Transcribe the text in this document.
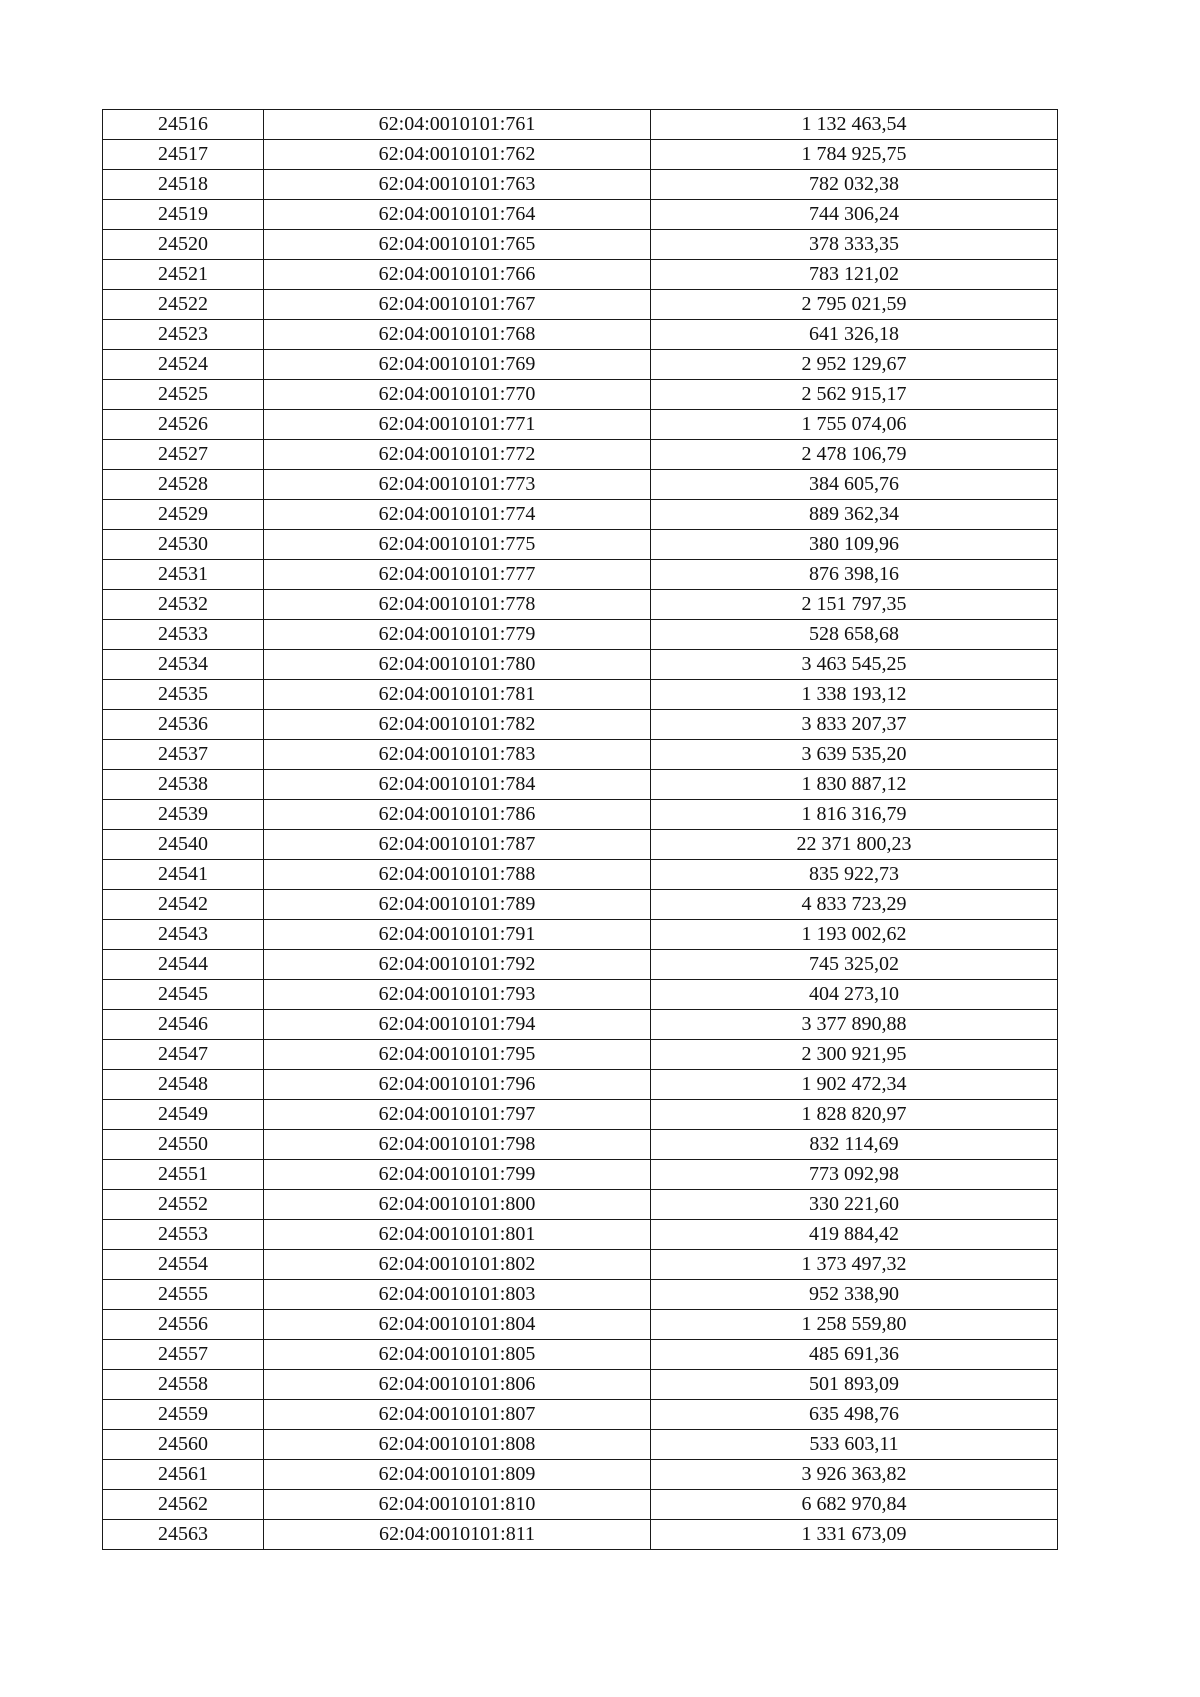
24516	62:04:0010101:761	1 132 463,54
24517	62:04:0010101:762	1 784 925,75
24518	62:04:0010101:763	782 032,38
24519	62:04:0010101:764	744 306,24
24520	62:04:0010101:765	378 333,35
24521	62:04:0010101:766	783 121,02
24522	62:04:0010101:767	2 795 021,59
24523	62:04:0010101:768	641 326,18
24524	62:04:0010101:769	2 952 129,67
24525	62:04:0010101:770	2 562 915,17
24526	62:04:0010101:771	1 755 074,06
24527	62:04:0010101:772	2 478 106,79
24528	62:04:0010101:773	384 605,76
24529	62:04:0010101:774	889 362,34
24530	62:04:0010101:775	380 109,96
24531	62:04:0010101:777	876 398,16
24532	62:04:0010101:778	2 151 797,35
24533	62:04:0010101:779	528 658,68
24534	62:04:0010101:780	3 463 545,25
24535	62:04:0010101:781	1 338 193,12
24536	62:04:0010101:782	3 833 207,37
24537	62:04:0010101:783	3 639 535,20
24538	62:04:0010101:784	1 830 887,12
24539	62:04:0010101:786	1 816 316,79
24540	62:04:0010101:787	22 371 800,23
24541	62:04:0010101:788	835 922,73
24542	62:04:0010101:789	4 833 723,29
24543	62:04:0010101:791	1 193 002,62
24544	62:04:0010101:792	745 325,02
24545	62:04:0010101:793	404 273,10
24546	62:04:0010101:794	3 377 890,88
24547	62:04:0010101:795	2 300 921,95
24548	62:04:0010101:796	1 902 472,34
24549	62:04:0010101:797	1 828 820,97
24550	62:04:0010101:798	832 114,69
24551	62:04:0010101:799	773 092,98
24552	62:04:0010101:800	330 221,60
24553	62:04:0010101:801	419 884,42
24554	62:04:0010101:802	1 373 497,32
24555	62:04:0010101:803	952 338,90
24556	62:04:0010101:804	1 258 559,80
24557	62:04:0010101:805	485 691,36
24558	62:04:0010101:806	501 893,09
24559	62:04:0010101:807	635 498,76
24560	62:04:0010101:808	533 603,11
24561	62:04:0010101:809	3 926 363,82
24562	62:04:0010101:810	6 682 970,84
24563	62:04:0010101:811	1 331 673,09
